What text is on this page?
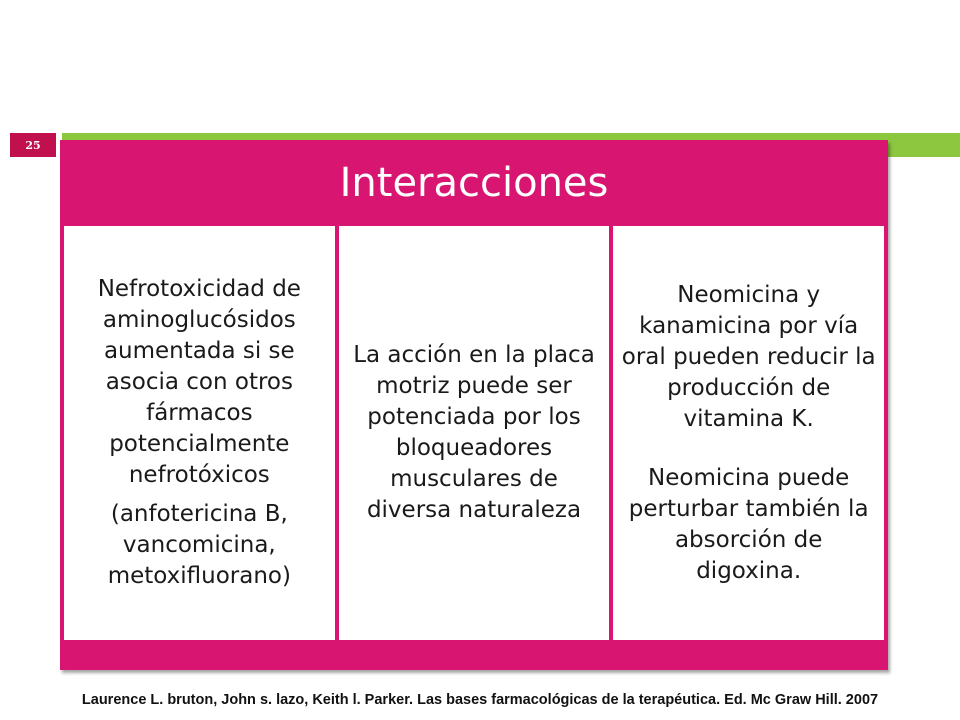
25
Interacciones

Nefrotoxicidad de aminoglucósidos aumentada si se asocia con otros fármacos potencialmente nefrotóxicos

(anfotericina B, vancomicina, metoxifluorano)

La acción en la placa motriz puede ser potenciada por los bloqueadores musculares de diversa naturaleza

Neomicina y kanamicina por vía oral pueden reducir la producción de vitamina K.

Neomicina puede perturbar también la absorción de digoxina.

Laurence L. bruton, John s. lazo, Keith l. Parker. Las bases farmacológicas de la terapéutica. Ed. Mc Graw Hill. 2007
